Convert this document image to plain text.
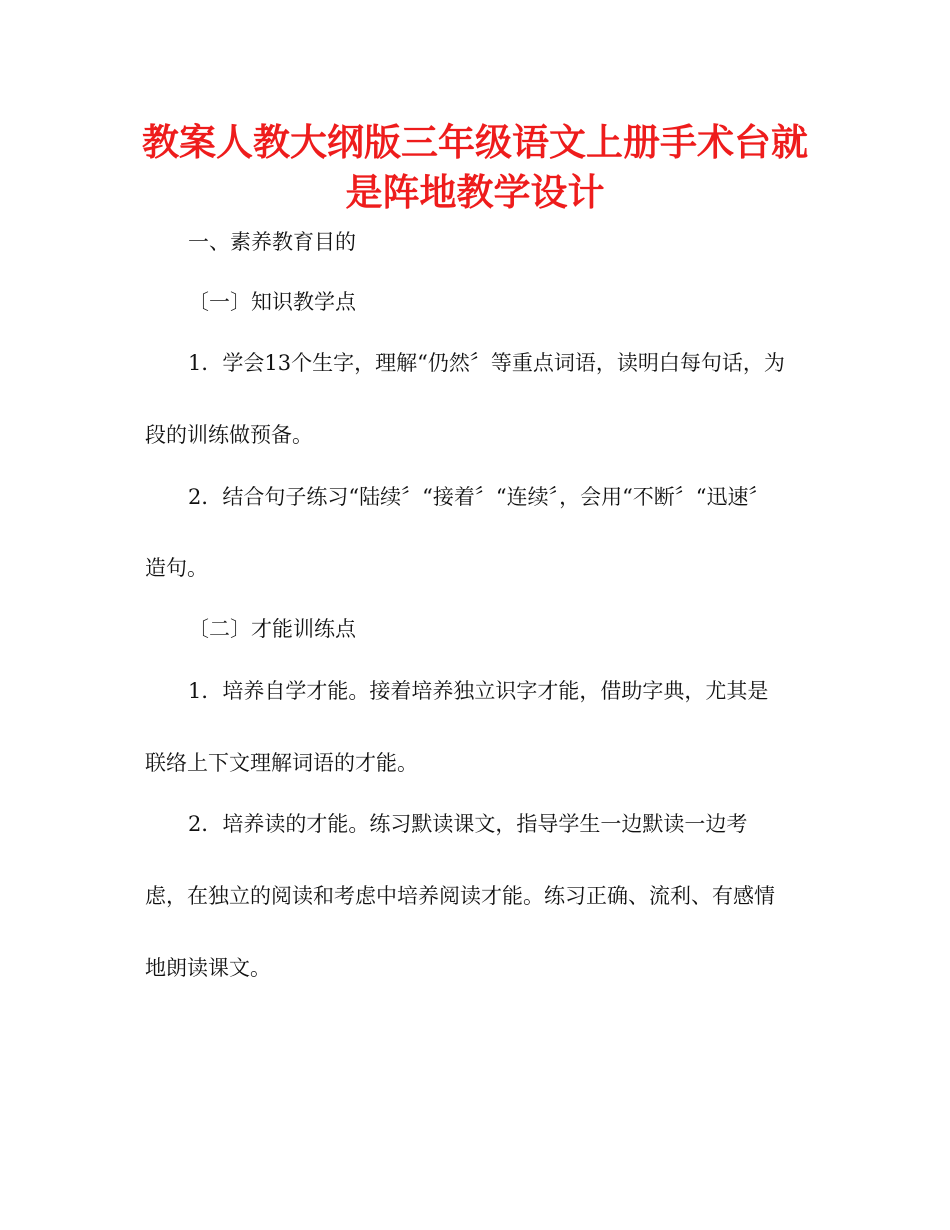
教案人教大纲版三年级语文上册手术台就
是阵地教学设计
一、素养教育目的
〔一〕知识教学点
1．学会13个生字，理解“仍然〞等重点词语，读明白每句话，为
段的训练做预备。
2．结合句子练习“陆续〞“接着〞“连续〞，会用“不断〞“迅速〞
造句。
〔二〕才能训练点
1．培养自学才能。接着培养独立识字才能，借助字典，尤其是
联络上下文理解词语的才能。
2．培养读的才能。练习默读课文，指导学生一边默读一边考
虑，在独立的阅读和考虑中培养阅读才能。练习正确、流利、有感情
地朗读课文。
